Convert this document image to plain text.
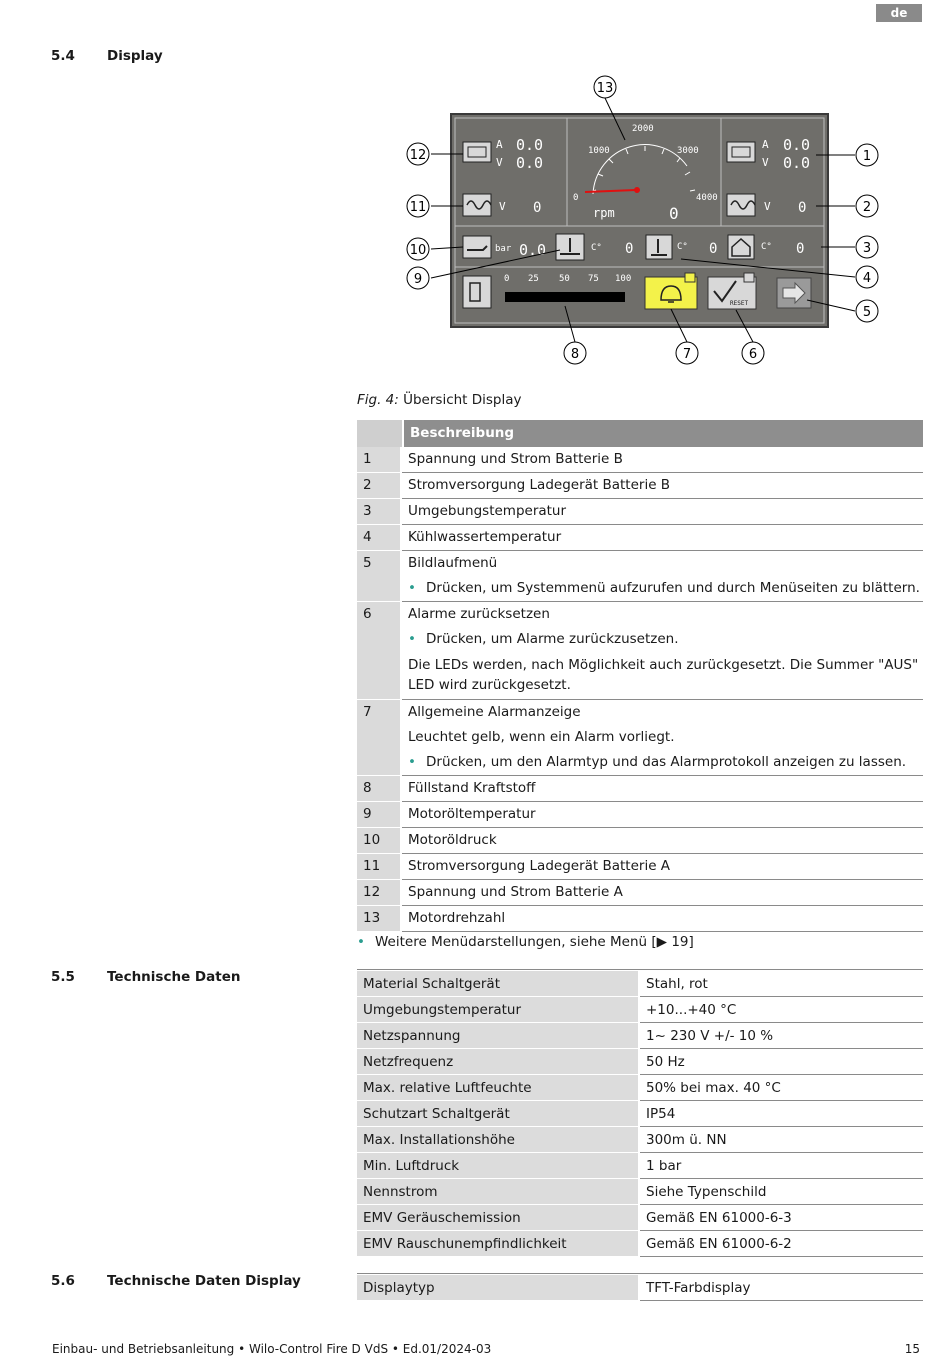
de
5.4 Display
A 0.0
V 0.0
V 0
2000
1000	3000
0	4000
rpm	0
A 0.0
V 0.0
V 0
bar 0.0	C° 0	C° 0	C° 0
0 25 50 75 100
RESET
1
2
3
4
5
6
7
8
9
10
11
12
13
Fig. 4: Übersicht Display
Beschreibung
1	Spannung und Strom Batterie B
2	Stromversorgung Ladegerät Batterie B
3	Umgebungstemperatur
4	Kühlwassertemperatur
5	Bildlaufmenü
• Drücken, um Systemmenü aufzurufen und durch Menüseiten zu blättern.
6	Alarme zurücksetzen
• Drücken, um Alarme zurückzusetzen.
Die LEDs werden, nach Möglichkeit auch zurückgesetzt. Die Summer "AUS" LED wird zurückgesetzt.
7	Allgemeine Alarmanzeige
Leuchtet gelb, wenn ein Alarm vorliegt.
• Drücken, um den Alarmtyp und das Alarmprotokoll anzeigen zu lassen.
8	Füllstand Kraftstoff
9	Motoröltemperatur
10	Motoröldruck
11	Stromversorgung Ladegerät Batterie A
12	Spannung und Strom Batterie A
13	Motordrehzahl
• Weitere Menüdarstellungen, siehe Menü [▶ 19]
5.5 Technische Daten	Material Schaltgerät	Stahl, rot
Umgebungstemperatur	+10...+40 °C
Netzspannung	1~ 230 V +/- 10 %
Netzfrequenz	50 Hz
Max. relative Luftfeuchte	50% bei max. 40 °C
Schutzart Schaltgerät	IP54
Max. Installationshöhe	300m ü. NN
Min. Luftdruck	1 bar
Nennstrom	Siehe Typenschild
EMV Geräuschemission	Gemäß EN 61000-6-3
EMV Rauschunempfindlichkeit	Gemäß EN 61000-6-2
5.6 Technische Daten Display	Displaytyp	TFT-Farbdisplay
Einbau- und Betriebsanleitung • Wilo-Control Fire D VdS • Ed.01/2024-03	15
